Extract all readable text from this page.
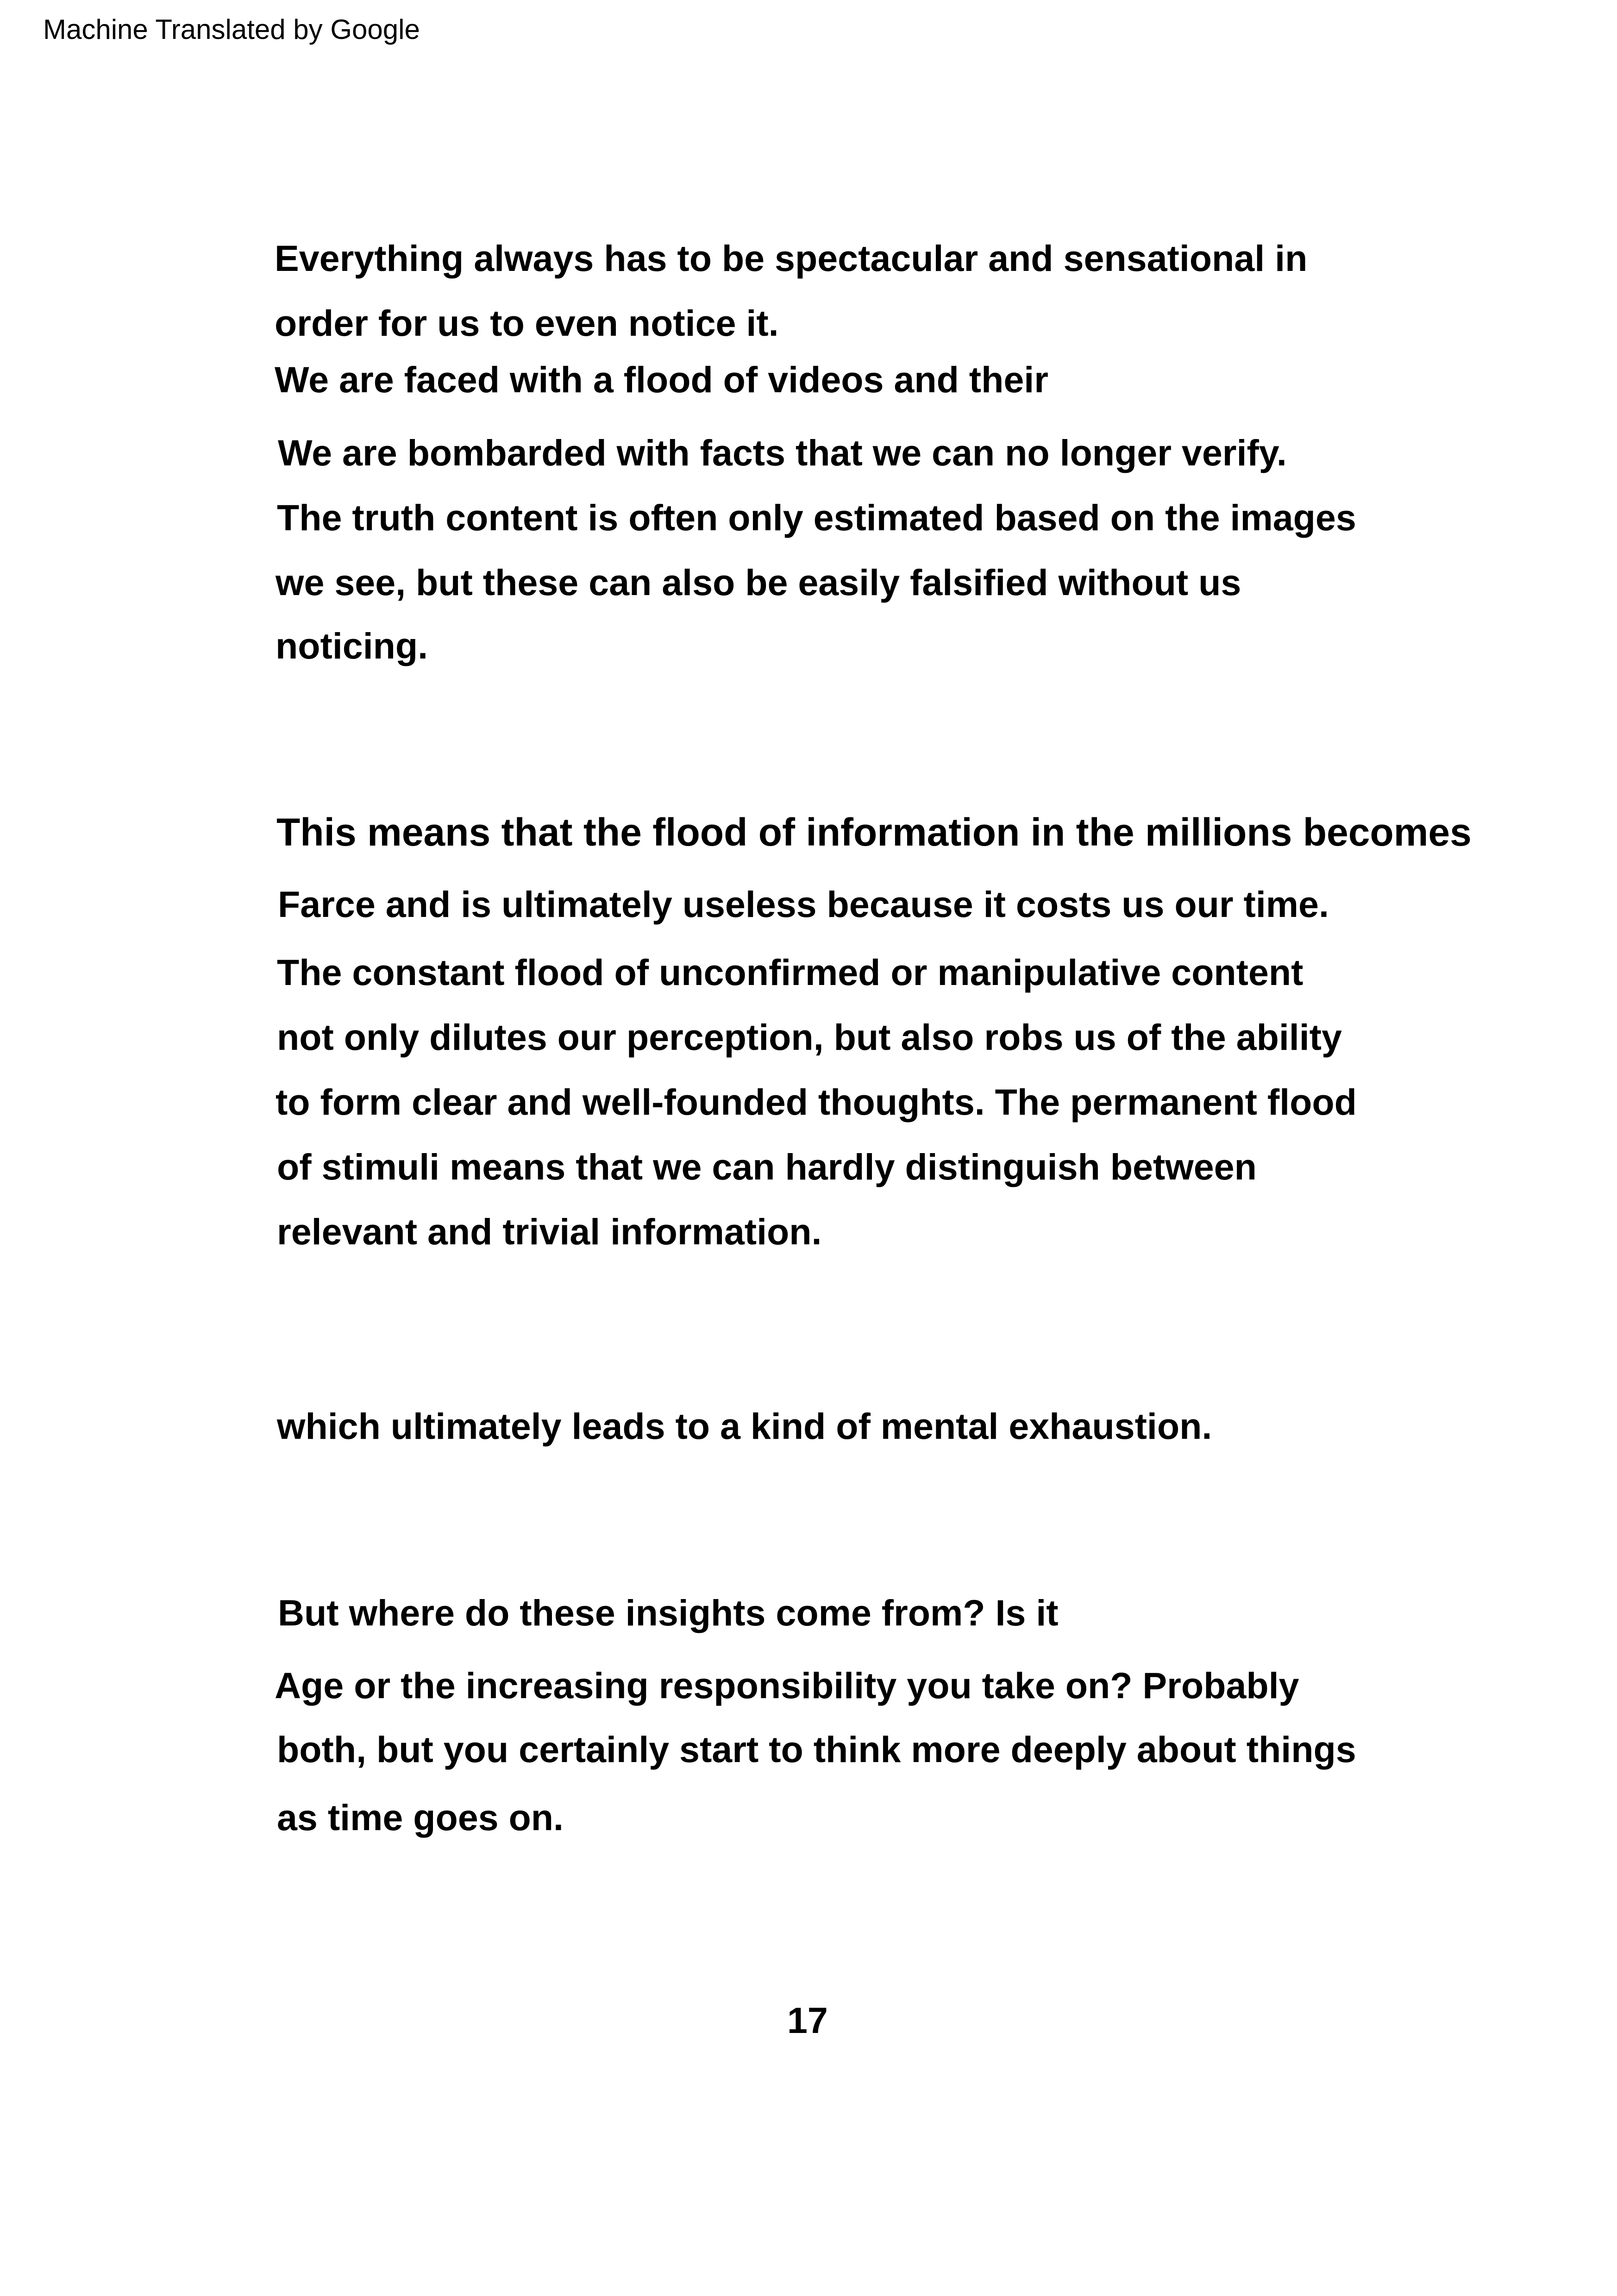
Machine Translated by Google
Everything always has to be spectacular and sensational in
order for us to even notice it.
We are faced with a flood of videos and their
We are bombarded with facts that we can no longer verify.
The truth content is often only estimated based on the images
we see, but these can also be easily falsified without us
noticing.
This means that the flood of information in the millions becomes
Farce and is ultimately useless because it costs us our time.
The constant flood of unconfirmed or manipulative content
not only dilutes our perception, but also robs us of the ability
to form clear and well-founded thoughts. The permanent flood
of stimuli means that we can hardly distinguish between
relevant and trivial information.
which ultimately leads to a kind of mental exhaustion.
But where do these insights come from? Is it
Age or the increasing responsibility you take on? Probably
both, but you certainly start to think more deeply about things
as time goes on.
17
